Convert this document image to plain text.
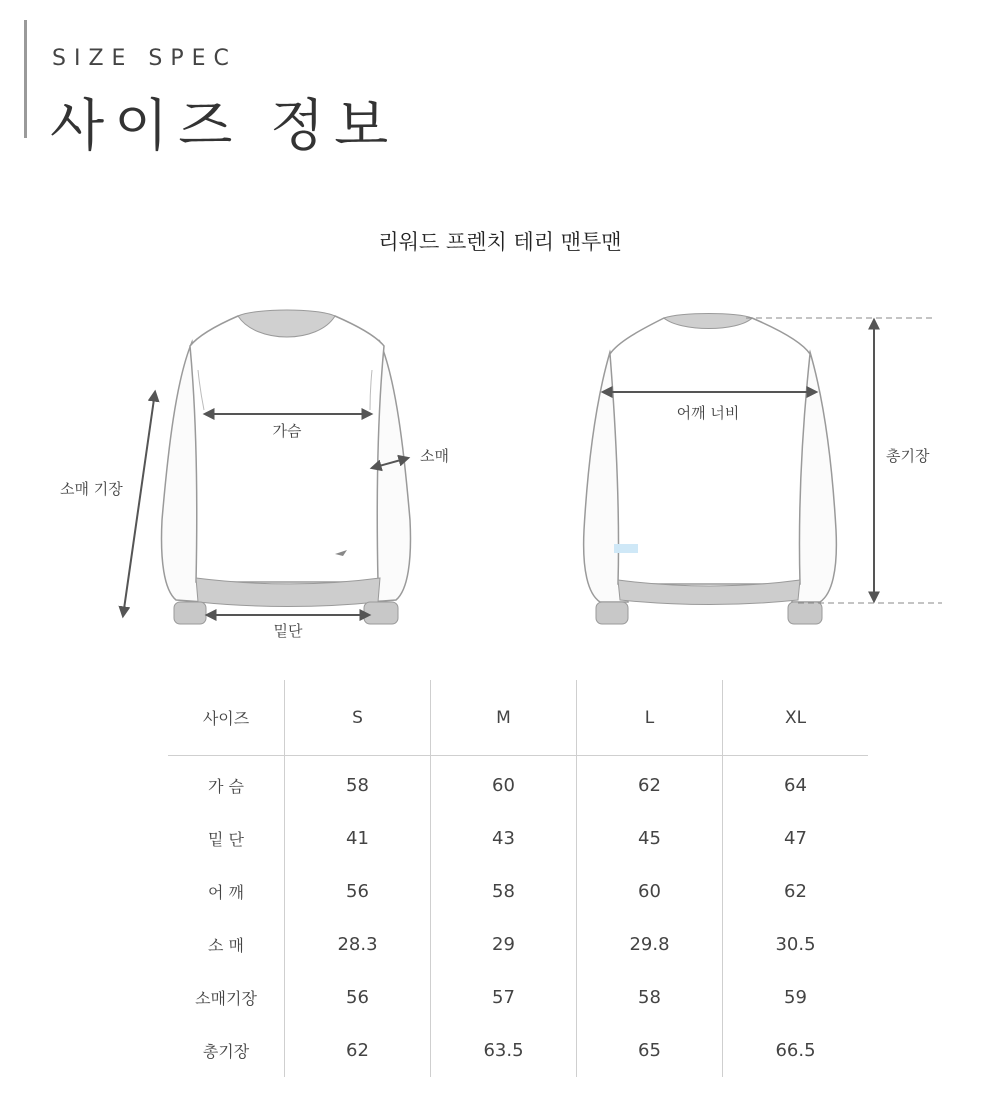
SIZE SPEC
사이즈 정보
리워드 프렌치 테리 맨투맨
가슴
소매
소매 기장
밑단
어깨 너비
총기장
사이즈	S	M	L	XL
가 슴	58	60	62	64
밑 단	41	43	45	47
어 깨	56	58	60	62
소 매	28.3	29	29.8	30.5
소매기장	56	57	58	59
총기장	62	63.5	65	66.5
